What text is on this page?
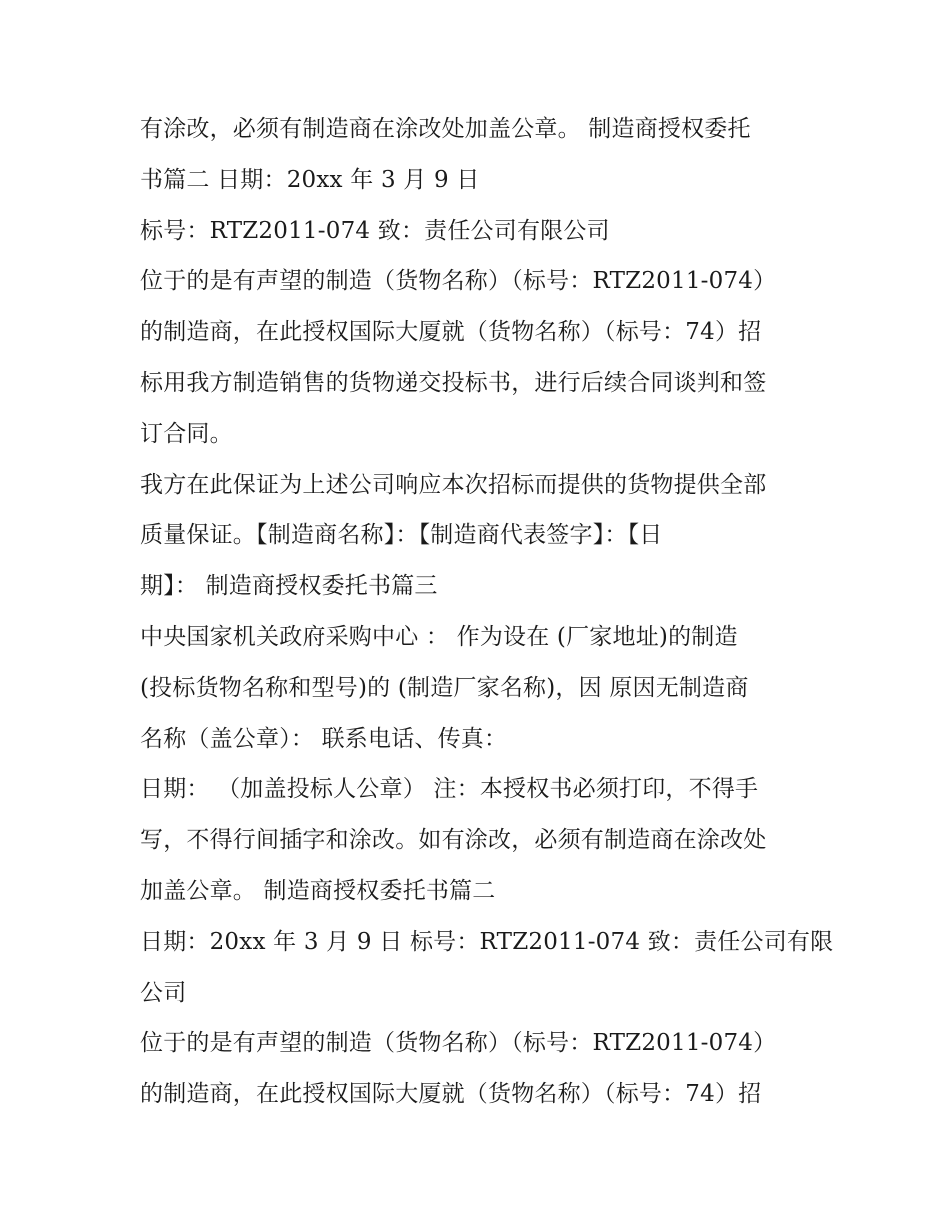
有涂改，必须有制造商在涂改处加盖公章。 制造商授权委托
书篇二 日期：20xx 年 3 月 9 日
标号：RTZ2011-074 致：责任公司有限公司
位于的是有声望的制造（货物名称）（标号：RTZ2011-074）
的制造商，在此授权国际大厦就（货物名称）（标号：74）招
标用我方制造销售的货物递交投标书，进行后续合同谈判和签
订合同。
我方在此保证为上述公司响应本次招标而提供的货物提供全部
质量保证。【制造商名称】：【制造商代表签字】：【日
期】： 制造商授权委托书篇三
中央国家机关政府采购中心 ： 作为设在 (厂家地址)的制造
(投标货物名称和型号)的 (制造厂家名称)，因 原因无制造商
名称（盖公章）： 联系电话、传真：
日期： （加盖投标人公章） 注：本授权书必须打印，不得手
写，不得行间插字和涂改。如有涂改，必须有制造商在涂改处
加盖公章。 制造商授权委托书篇二
日期：20xx 年 3 月 9 日 标号：RTZ2011-074 致：责任公司有限
公司
位于的是有声望的制造（货物名称）（标号：RTZ2011-074）
的制造商，在此授权国际大厦就（货物名称）（标号：74）招
